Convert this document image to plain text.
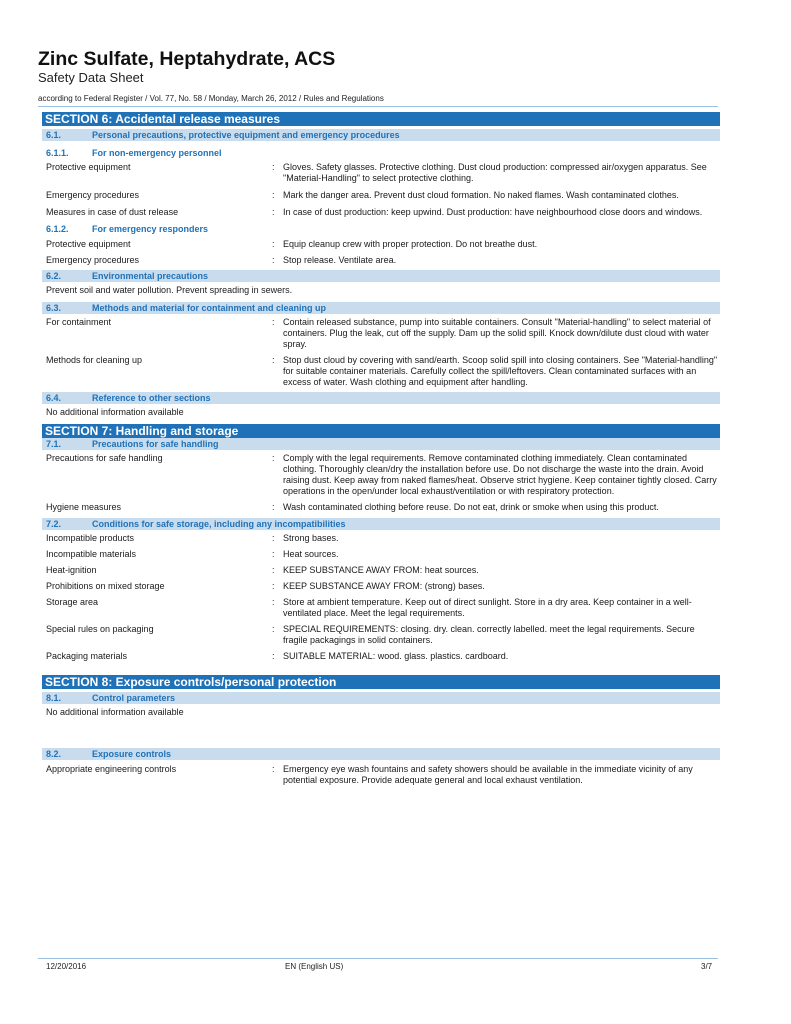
Zinc Sulfate, Heptahydrate, ACS
Safety Data Sheet
according to Federal Register / Vol. 77, No. 58 / Monday, March 26, 2012 / Rules and Regulations
SECTION 6: Accidental release measures
6.1.	Personal precautions, protective equipment and emergency procedures
6.1.1.	For non-emergency personnel
Protective equipment	: Gloves. Safety glasses. Protective clothing. Dust cloud production: compressed air/oxygen apparatus. See "Material-Handling" to select protective clothing.
Emergency procedures	: Mark the danger area. Prevent dust cloud formation. No naked flames. Wash contaminated clothes.
Measures in case of dust release	: In case of dust production: keep upwind. Dust production: have neighbourhood close doors and windows.
6.1.2.	For emergency responders
Protective equipment	: Equip cleanup crew with proper protection. Do not breathe dust.
Emergency procedures	: Stop release. Ventilate area.
6.2.	Environmental precautions
Prevent soil and water pollution. Prevent spreading in sewers.
6.3.	Methods and material for containment and cleaning up
For containment	: Contain released substance, pump into suitable containers. Consult "Material-handling" to select material of containers. Plug the leak, cut off the supply. Dam up the solid spill. Knock down/dilute dust cloud with water spray.
Methods for cleaning up	: Stop dust cloud by covering with sand/earth. Scoop solid spill into closing containers. See "Material-handling" for suitable container materials. Carefully collect the spill/leftovers. Clean contaminated surfaces with an excess of water. Wash clothing and equipment after handling.
6.4.	Reference to other sections
No additional information available
SECTION 7: Handling and storage
7.1.	Precautions for safe handling
Precautions for safe handling	: Comply with the legal requirements. Remove contaminated clothing immediately. Clean contaminated clothing. Thoroughly clean/dry the installation before use. Do not discharge the waste into the drain. Avoid raising dust. Keep away from naked flames/heat. Observe strict hygiene. Keep container tightly closed. Carry operations in the open/under local exhaust/ventilation or with respiratory protection.
Hygiene measures	: Wash contaminated clothing before reuse. Do not eat, drink or smoke when using this product.
7.2.	Conditions for safe storage, including any incompatibilities
Incompatible products	: Strong bases.
Incompatible materials	: Heat sources.
Heat-ignition	: KEEP SUBSTANCE AWAY FROM: heat sources.
Prohibitions on mixed storage	: KEEP SUBSTANCE AWAY FROM: (strong) bases.
Storage area	: Store at ambient temperature. Keep out of direct sunlight. Store in a dry area. Keep container in a well-ventilated place. Meet the legal requirements.
Special rules on packaging	: SPECIAL REQUIREMENTS: closing. dry. clean. correctly labelled. meet the legal requirements. Secure fragile packagings in solid containers.
Packaging materials	: SUITABLE MATERIAL: wood. glass. plastics. cardboard.
SECTION 8: Exposure controls/personal protection
8.1.	Control parameters
No additional information available
8.2.	Exposure controls
Appropriate engineering controls	: Emergency eye wash fountains and safety showers should be available in the immediate vicinity of any potential exposure. Provide adequate general and local exhaust ventilation.
12/20/2016	EN (English US)	3/7
